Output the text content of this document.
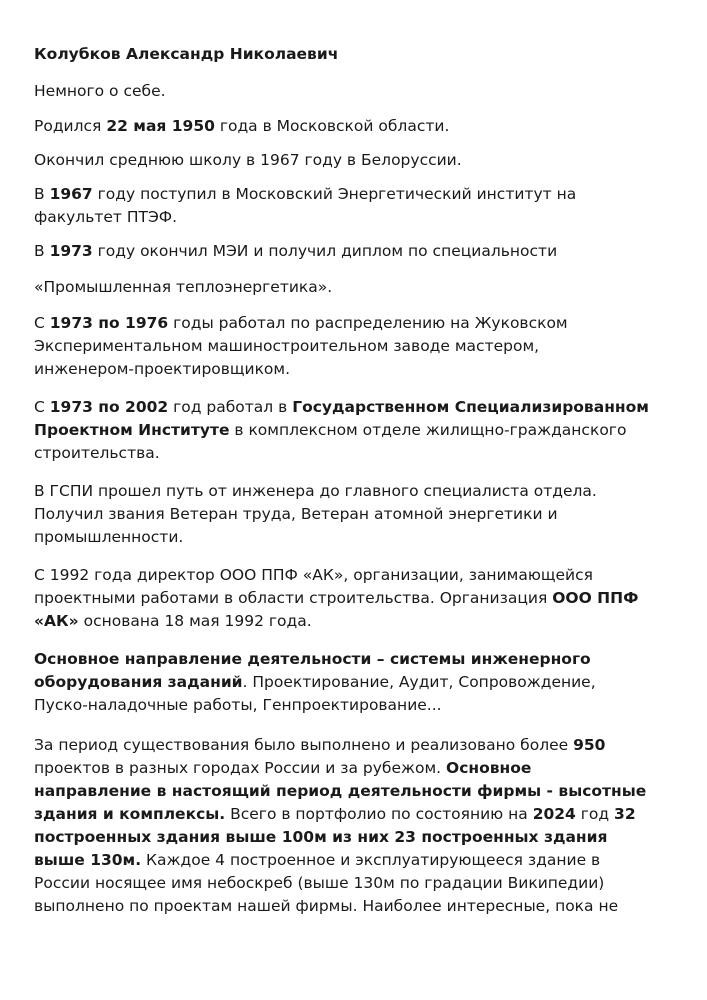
Колубков Александр Николаевич

Немного о себе.

Родился 22 мая 1950 года в Московской области.

Окончил среднюю школу в 1967 году в Белоруссии.

В 1967 году поступил в Московский Энергетический институт на
факультет ПТЭФ.

В 1973 году окончил МЭИ и получил диплом по специальности

«Промышленная теплоэнергетика».

С 1973 по 1976 годы работал по распределению на Жуковском
Экспериментальном машиностроительном заводе мастером,
инженером-проектировщиком.

С 1973 по 2002 год работал в Государственном Специализированном
Проектном Институте в комплексном отделе жилищно-гражданского
строительства.

В ГСПИ прошел путь от инженера до главного специалиста отдела.
Получил звания Ветеран труда, Ветеран атомной энергетики и
промышленности.

С 1992 года директор ООО ППФ «АК», организации, занимающейся
проектными работами в области строительства. Организация ООО ППФ
«АК» основана 18 мая 1992 года.

Основное направление деятельности – системы инженерного
оборудования заданий. Проектирование, Аудит, Сопровождение,
Пуско-наладочные работы, Генпроектирование...

За период существования было выполнено и реализовано более 950
проектов в разных городах России и за рубежом. Основное
направление в настоящий период деятельности фирмы - высотные
здания и комплексы. Всего в портфолио по состоянию на 2024 год 32
построенных здания выше 100м из них 23 построенных здания
выше 130м. Каждое 4 построенное и эксплуатирующееся здание в
России носящее имя небоскреб (выше 130м по градации Википедии)
выполнено по проектам нашей фирмы. Наиболее интересные, пока не
